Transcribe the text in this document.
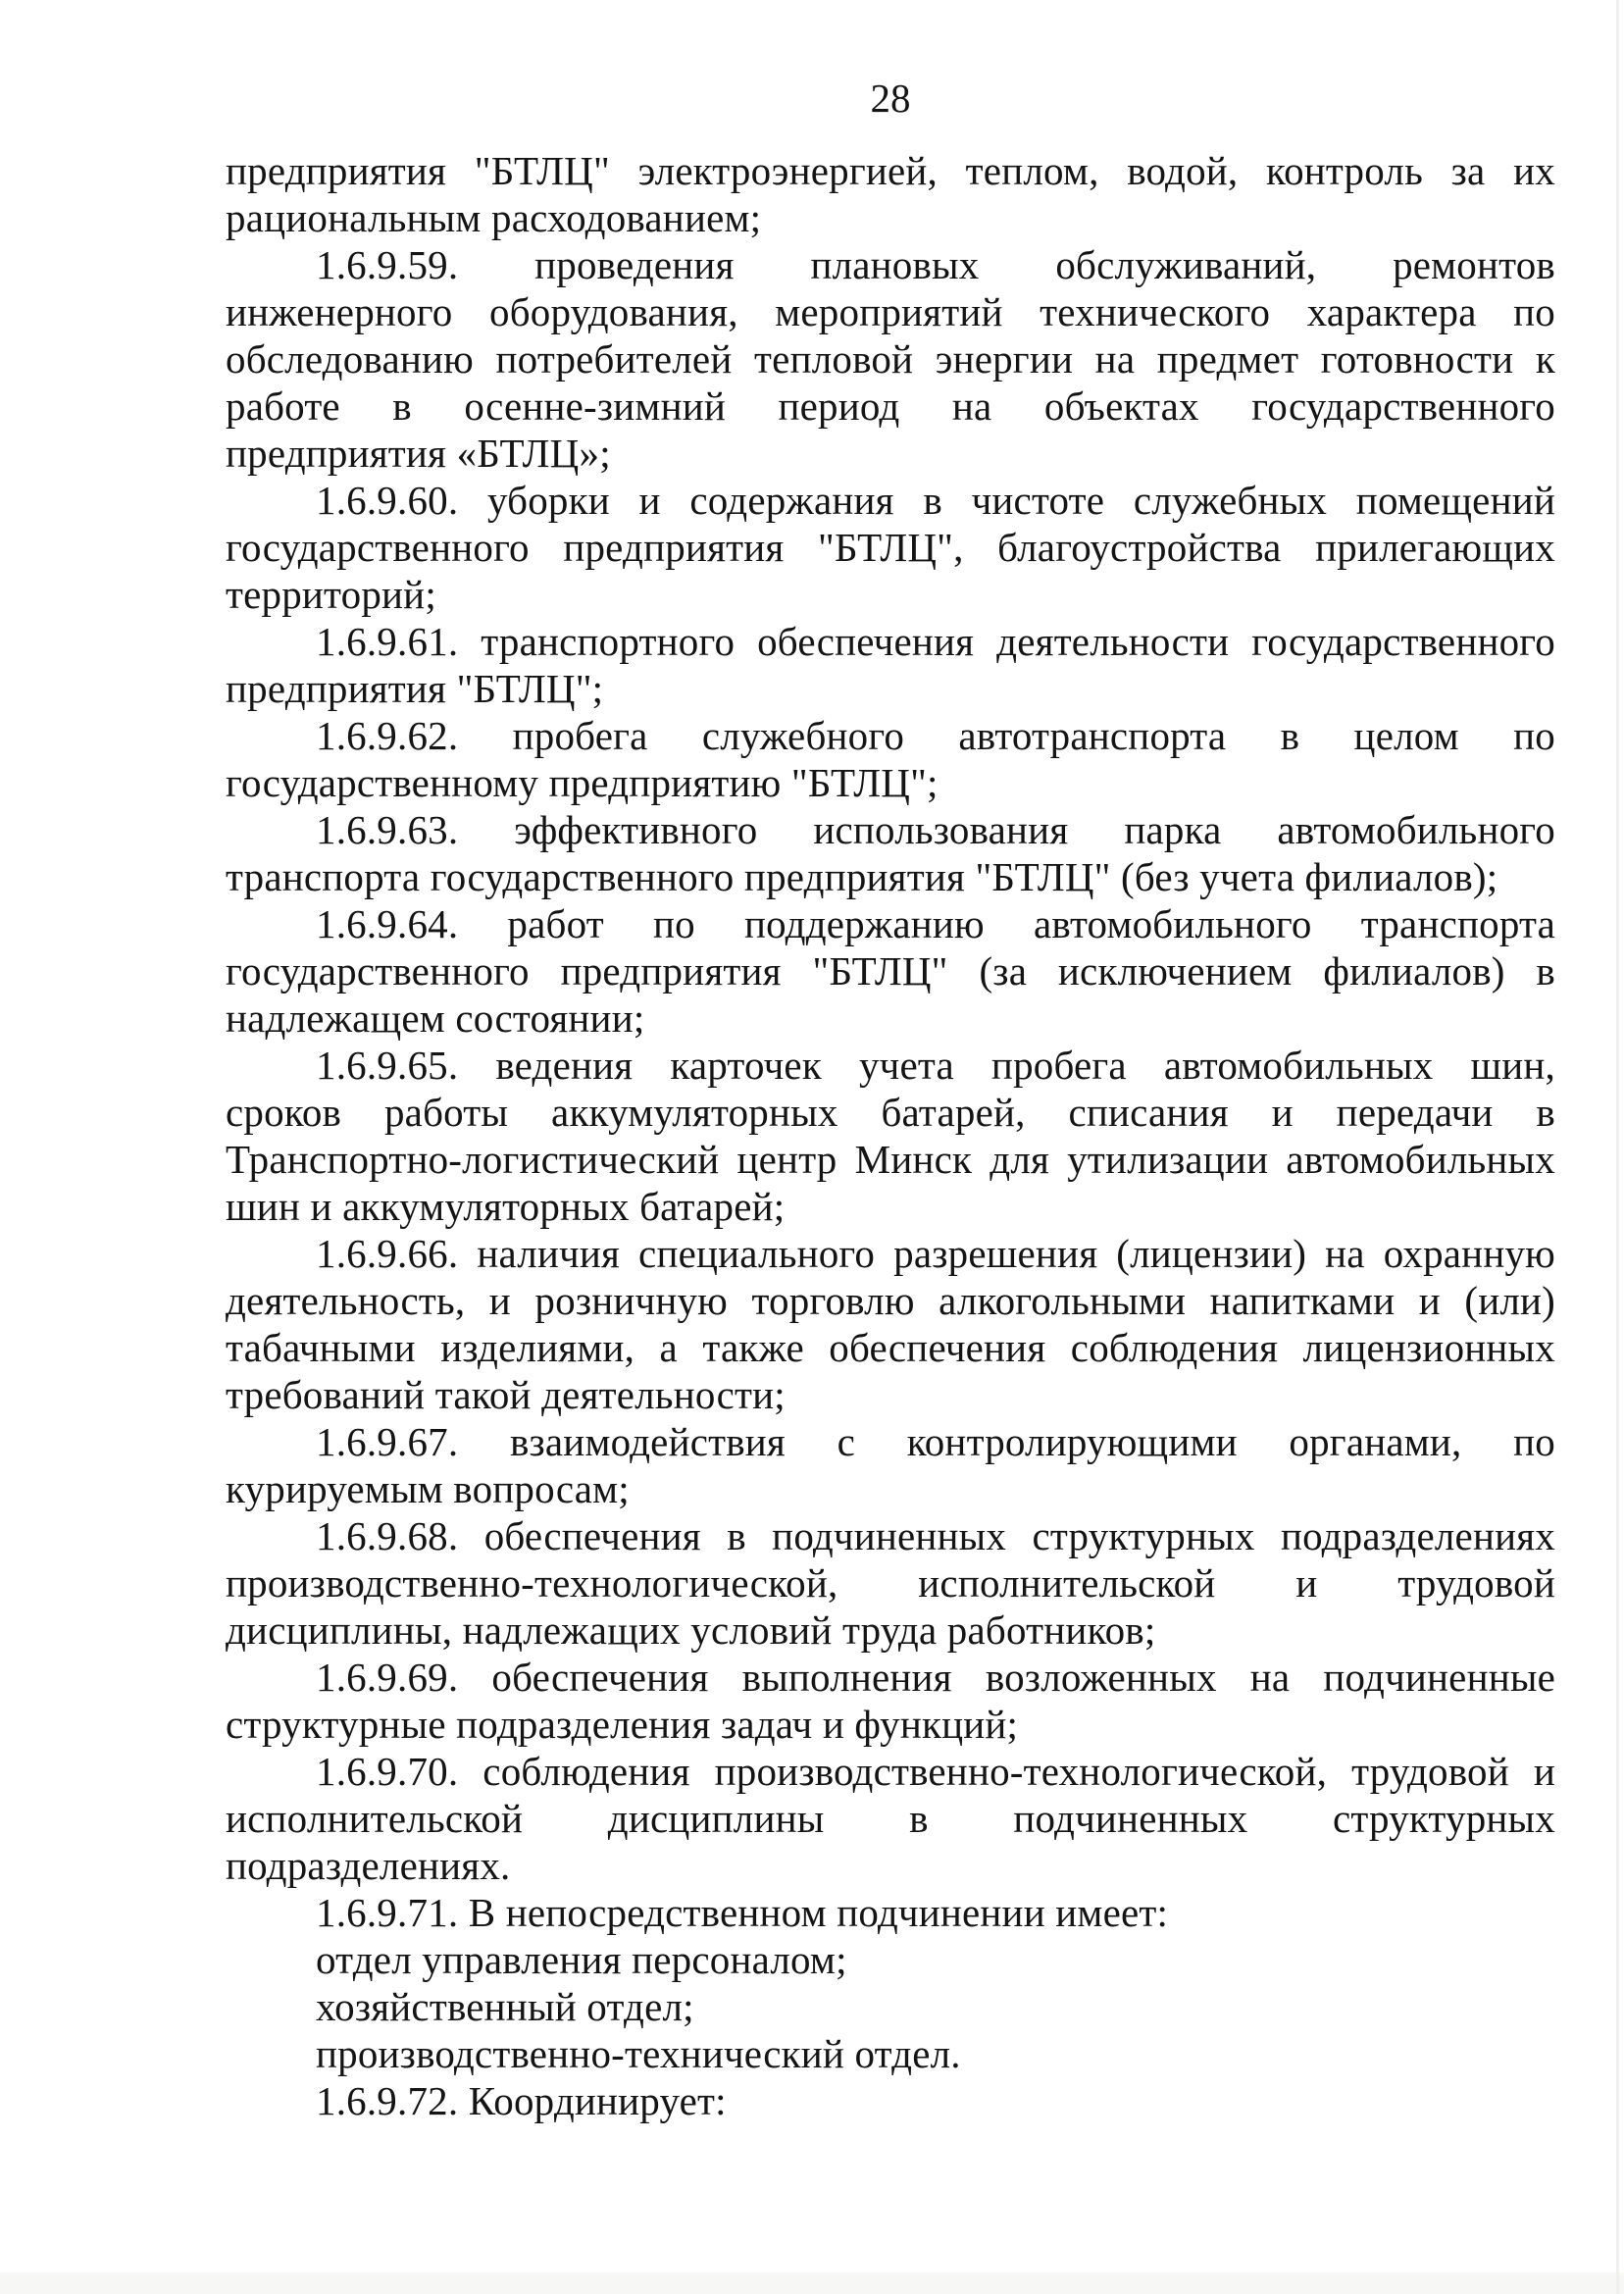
28
предприятия "БТЛЦ" электроэнергией, теплом, водой, контроль за их
рациональным расходованием;
1.6.9.59. проведения плановых обслуживаний, ремонтов
инженерного оборудования, мероприятий технического характера по
обследованию потребителей тепловой энергии на предмет готовности к
работе в осенне-зимний период на объектах государственного
предприятия «БТЛЦ»;
1.6.9.60. уборки и содержания в чистоте служебных помещений
государственного предприятия "БТЛЦ", благоустройства прилегающих
территорий;
1.6.9.61. транспортного обеспечения деятельности государственного
предприятия "БТЛЦ";
1.6.9.62. пробега служебного автотранспорта в целом по
государственному предприятию "БТЛЦ";
1.6.9.63. эффективного использования парка автомобильного
транспорта государственного предприятия "БТЛЦ" (без учета филиалов);
1.6.9.64. работ по поддержанию автомобильного транспорта
государственного предприятия "БТЛЦ" (за исключением филиалов) в
надлежащем состоянии;
1.6.9.65. ведения карточек учета пробега автомобильных шин,
сроков работы аккумуляторных батарей, списания и передачи в
Транспортно-логистический центр Минск для утилизации автомобильных
шин и аккумуляторных батарей;
1.6.9.66. наличия специального разрешения (лицензии) на охранную
деятельность, и розничную торговлю алкогольными напитками и (или)
табачными изделиями, а также обеспечения соблюдения лицензионных
требований такой деятельности;
1.6.9.67. взаимодействия с контролирующими органами, по
курируемым вопросам;
1.6.9.68. обеспечения в подчиненных структурных подразделениях
производственно-технологической, исполнительской и трудовой
дисциплины, надлежащих условий труда работников;
1.6.9.69. обеспечения выполнения возложенных на подчиненные
структурные подразделения задач и функций;
1.6.9.70. соблюдения производственно-технологической, трудовой и
исполнительской дисциплины в подчиненных структурных
подразделениях.
1.6.9.71. В непосредственном подчинении имеет:
отдел управления персоналом;
хозяйственный отдел;
производственно-технический отдел.
1.6.9.72. Координирует:
